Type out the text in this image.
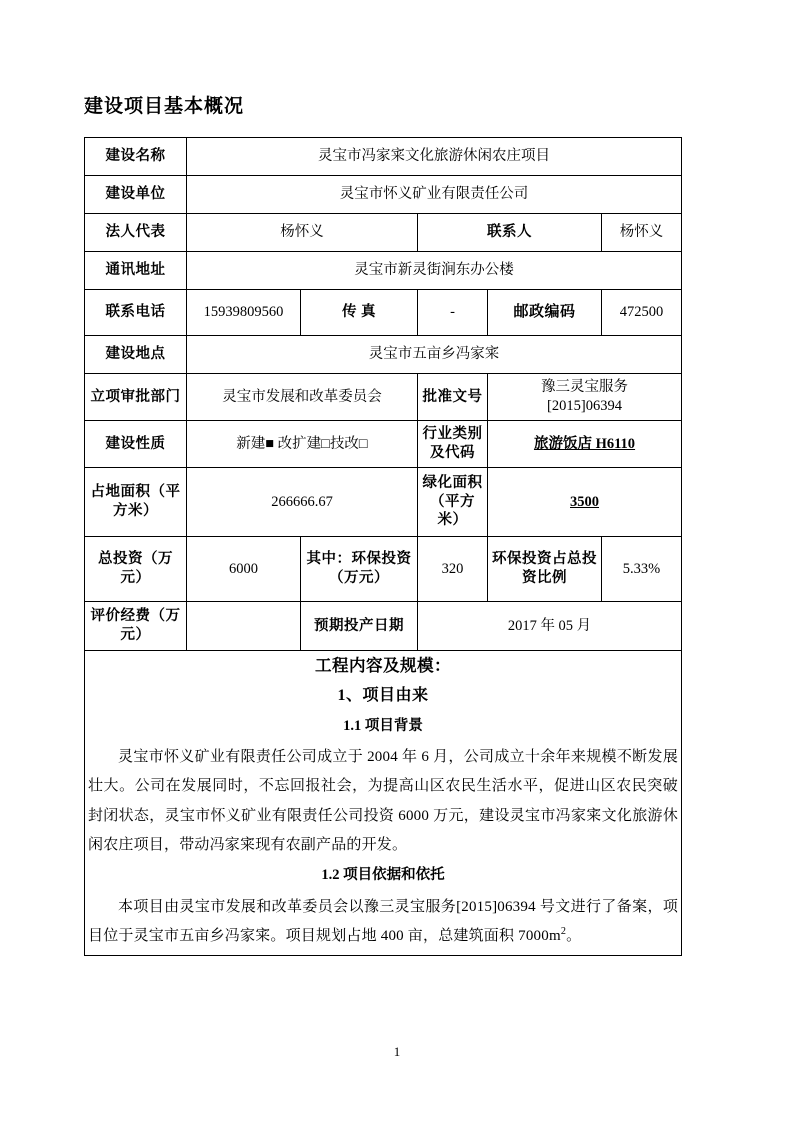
建设项目基本概况
建设名称	灵宝市冯家宷文化旅游休闲农庄项目				
建设单位	灵宝市怀义矿业有限责任公司				
法人代表	杨怀义		联系人		杨怀义
通讯地址	灵宝市新灵街涧东办公楼				
联系电话	15939809560	传 真	-	邮政编码	472500
建设地点	灵宝市五亩乡冯家宷				
立项审批部门	灵宝市发展和改革委员会		批准文号	豫三灵宝服务
[2015]06394	

建设性质	新建■ 改扩建□技改□		行业类别及代码	旅游饭店 H6110	
占地面积（平方米）	266666.67		绿化面积（平方米）	3500	
总投资（万元）	6000	其中：环保投资（万元）	320	环保投资占总投资比例	5.33%
评价经费（万元）		预期投产日期	2017 年 05 月		

工程内容及规模：
1、项目由来
1.1 项目背景

灵宝市怀义矿业有限责任公司成立于 2004 年 6 月，公司成立十余年来规模不断发展壮大。公司在发展同时，不忘回报社会，为提高山区农民生活水平，促进山区农民突破封闭状态，灵宝市怀义矿业有限责任公司投资 6000 万元，建设灵宝市冯家宷文化旅游休闲农庄项目，带动冯家宷现有农副产品的开发。

1.2 项目依据和依托

本项目由灵宝市发展和改革委员会以豫三灵宝服务[2015]06394 号文进行了备案，项目位于灵宝市五亩乡冯家宷。项目规划占地 400 亩，总建筑面积 $7000m^2$。

1
